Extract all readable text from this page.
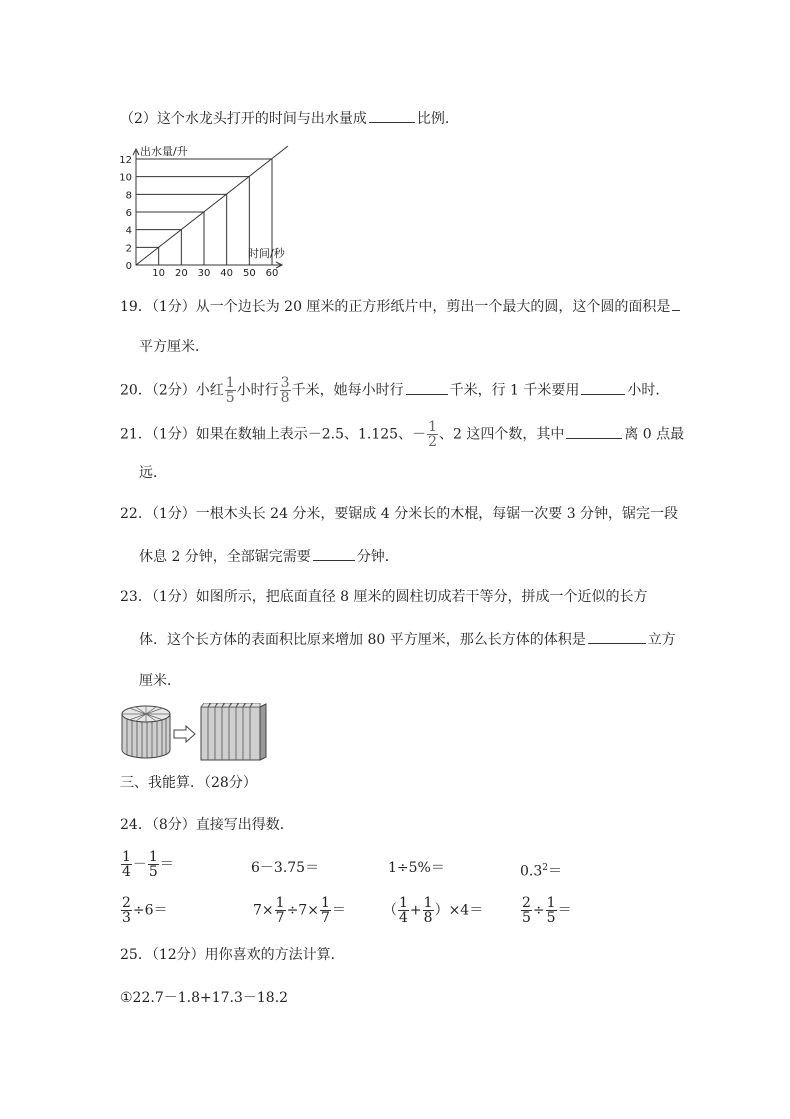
（2）这个水龙头打开的时间与出水量成	比例．
10 20 30 40 50 60
0
2
4
6
8
10
12
出水量/升
时间/秒
19．（1分）从一个边长为 20 厘米的正方形纸片中，剪出一个最大的圆，这个圆的面积是
平方厘米．
20．（2分）小红 $\frac{1}{5}$ 小时行 $\frac{3}{8}$ 千米，她每小时行	千米，行 1 千米要用	小时．
21．（1分）如果在数轴上表示－2.5、1.125、－ $\frac{1}{2}$ 、2 这四个数，其中	离 0 点最
远．
22．（1分）一根木头长 24 分米，要锯成 4 分米长的木棍，每锯一次要 3 分钟，锯完一段
休息 2 分钟，全部锯完需要	分钟．
23．（1分）如图所示，把底面直径 8 厘米的圆柱切成若干等分，拼成一个近似的长方
体．这个长方体的表面积比原来增加 80 平方厘米，那么长方体的体积是	立方
厘米．
三、我能算．（28分）
24．（8分）直接写出得数．
$\frac{1}{4} - \frac{1}{5}$ ＝	6－3.75＝	1÷5%＝	$0.3^2=$
$\frac{2}{3} \div 6=$	$7\times \frac{1}{7} \div 7\times \frac{1}{7}$ ＝	（ $\frac{1}{4} + \frac{1}{8} )\times 4=$	$\frac{2}{5} \div \frac{1}{5}$ ＝
25．（12分）用你喜欢的方法计算．
①22.7－1.8+17.3－18.2
